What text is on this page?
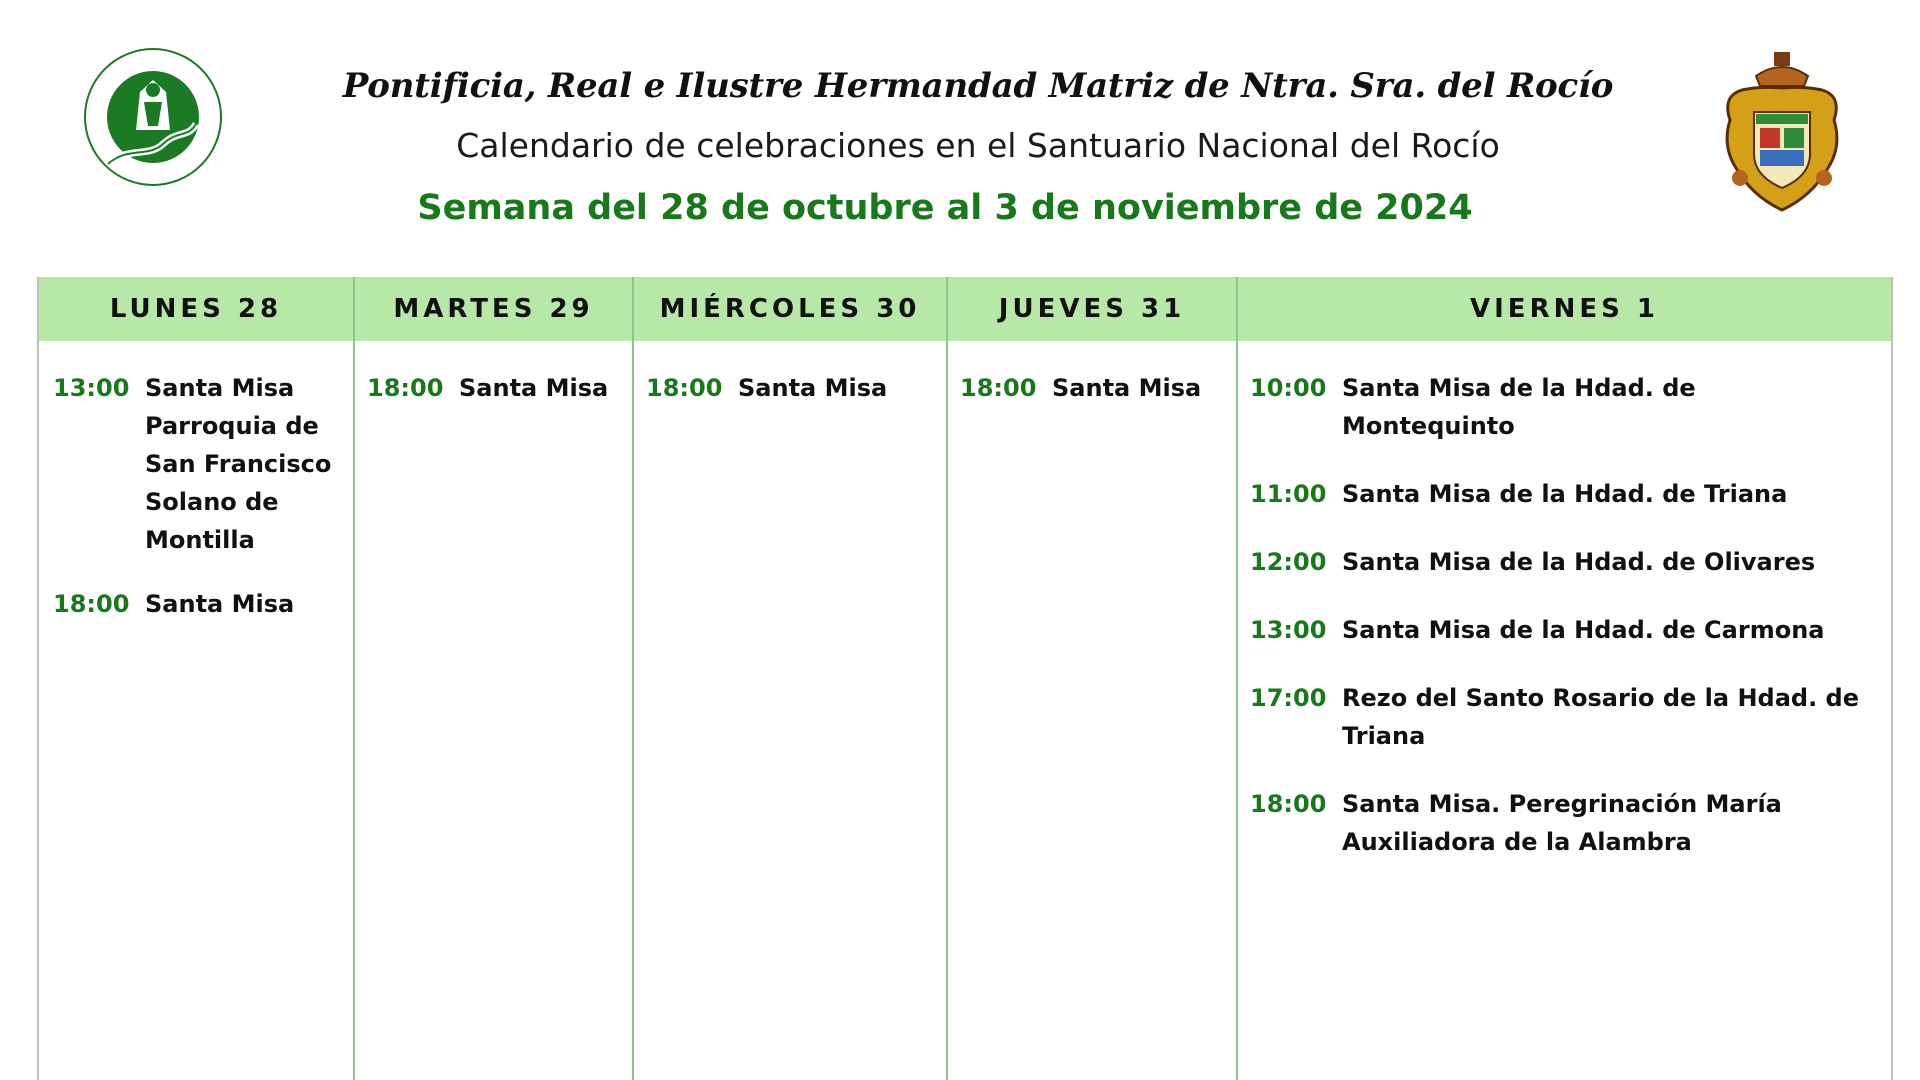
Pontificia, Real e Ilustre Hermandad Matriz de Ntra. Sra. del Rocío
Calendario de celebraciones en el Santuario Nacional del Rocío
Semana del 28 de octubre al 3 de noviembre de 2024
LUNES 28
13:00 Santa Misa Parroquia de San Francisco Solano de Montilla
18:00 Santa Misa
MARTES 29
18:00 Santa Misa
MIÉRCOLES 30
18:00 Santa Misa
JUEVES 31
18:00 Santa Misa
VIERNES 1
10:00 Santa Misa de la Hdad. de Montequinto
11:00 Santa Misa de la Hdad. de Triana
12:00 Santa Misa de la Hdad. de Olivares
13:00 Santa Misa de la Hdad. de Carmona
17:00 Rezo del Santo Rosario de la Hdad. de Triana
18:00 Santa Misa. Peregrinación María Auxiliadora de la Alambra
